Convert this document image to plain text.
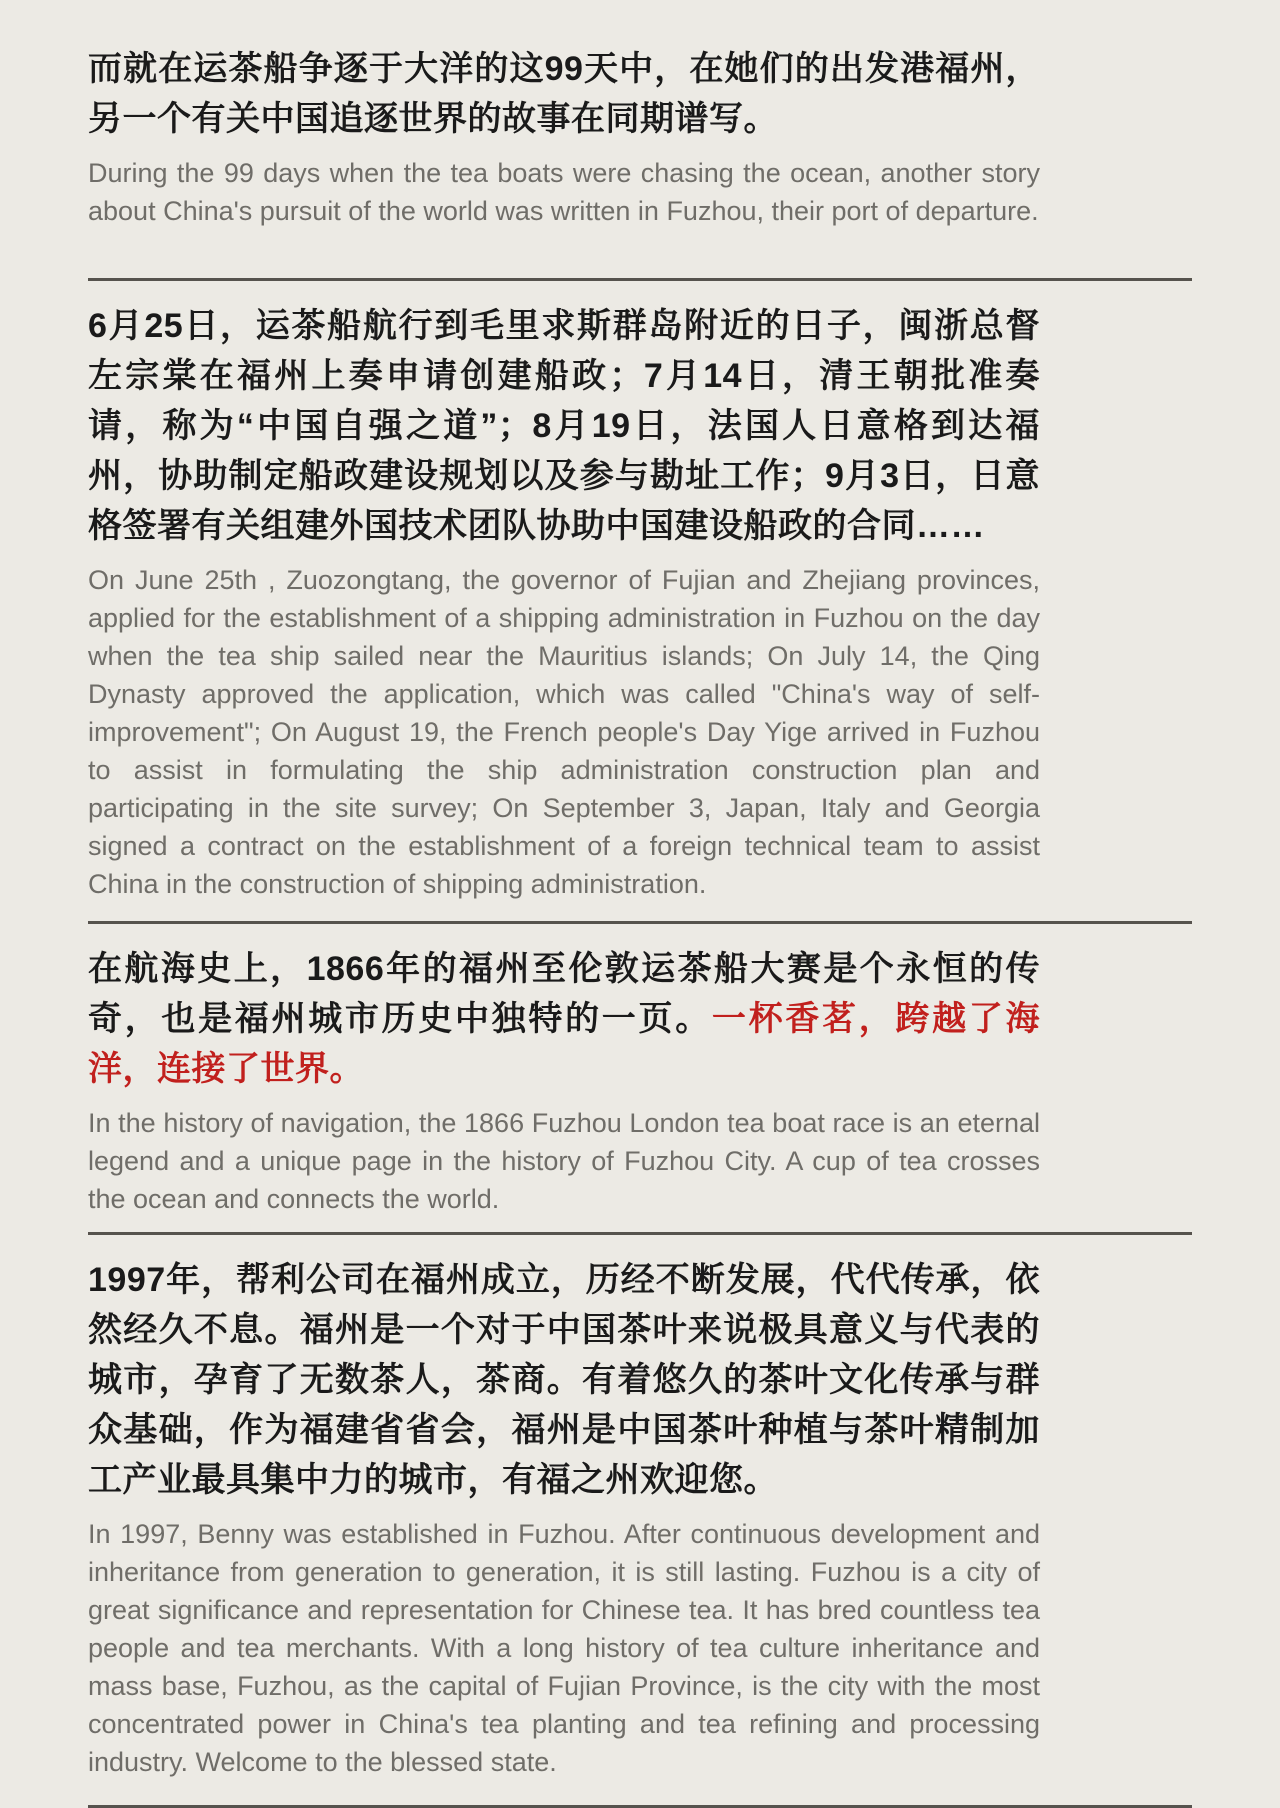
而就在运茶船争逐于大洋的这99天中，在她们的出发港福州，另一个有关中国追逐世界的故事在同期谱写。

During the 99 days when the tea boats were chasing the ocean, another story about China's pursuit of the world was written in Fuzhou, their port of departure.

6月25日，运茶船航行到毛里求斯群岛附近的日子，闽浙总督左宗棠在福州上奏申请创建船政；7月14日，清王朝批准奏请，称为“中国自强之道”；8月19日，法国人日意格到达福州，协助制定船政建设规划以及参与勘址工作；9月3日，日意格签署有关组建外国技术团队协助中国建设船政的合同……

On June 25th , Zuozongtang, the governor of Fujian and Zhejiang provinces, applied for the establishment of a shipping administration in Fuzhou on the day when the tea ship sailed near the Mauritius islands; On July 14, the Qing Dynasty approved the application, which was called "China's way of self-improvement"; On August 19, the French people's Day Yige arrived in Fuzhou to assist in formulating the ship administration construction plan and participating in the site survey; On September 3, Japan, Italy and Georgia signed a contract on the establishment of a foreign technical team to assist China in the construction of shipping administration.

在航海史上，1866年的福州至伦敦运茶船大赛是个永恒的传奇，也是福州城市历史中独特的一页。一杯香茗，跨越了海洋，连接了世界。

In the history of navigation, the 1866 Fuzhou London tea boat race is an eternal legend and a unique page in the history of Fuzhou City. A cup of tea crosses the ocean and connects the world.

1997年，帮利公司在福州成立，历经不断发展，代代传承，依然经久不息。福州是一个对于中国茶叶来说极具意义与代表的城市，孕育了无数茶人，茶商。有着悠久的茶叶文化传承与群众基础，作为福建省省会，福州是中国茶叶种植与茶叶精制加工产业最具集中力的城市，有福之州欢迎您。

In 1997, Benny was established in Fuzhou. After continuous development and inheritance from generation to generation, it is still lasting. Fuzhou is a city of great significance and representation for Chinese tea. It has bred countless tea people and tea merchants. With a long history of tea culture inheritance and mass base, Fuzhou, as the capital of Fujian Province, is the city with the most concentrated power in China's tea planting and tea refining and processing industry. Welcome to the blessed state.
